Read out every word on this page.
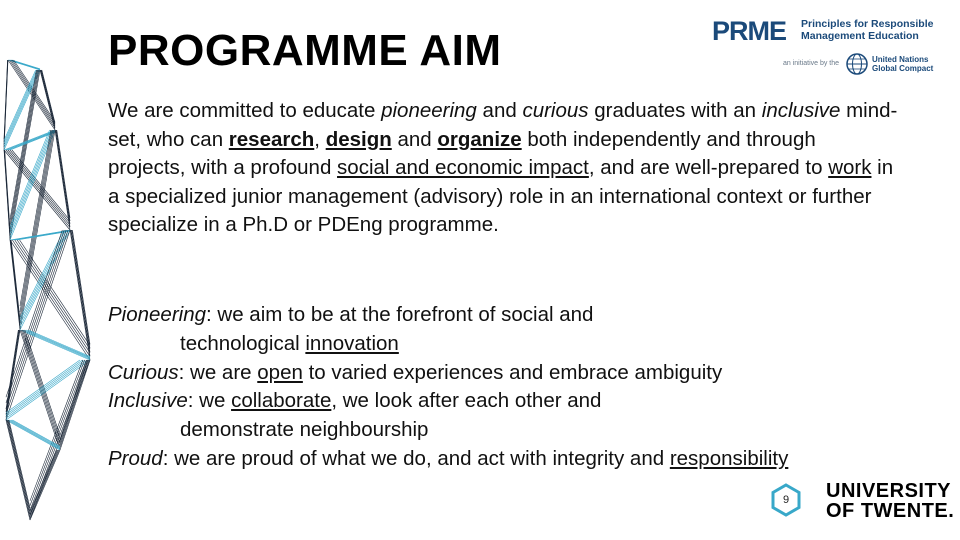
PROGRAMME AIM

We are committed to educate pioneering and curious graduates with an inclusive mind-set, who can research, design and organize both independently and through projects, with a profound social and economic impact, and are well-prepared to work in a specialized junior management (advisory) role in an international context or further specialize in a Ph.D or PDEng programme.

Pioneering: we aim to be at the forefront of social and
technological innovation
Curious: we are open to varied experiences and embrace ambiguity
Inclusive: we collaborate, we look after each other and
demonstrate neighbourship
Proud: we are proud of what we do, and act with integrity and responsibility
PRME Principles for Responsible
Management Education
an initiative by the	United Nations
Global Compact
9	UNIVERSITY
OF TWENTE.
